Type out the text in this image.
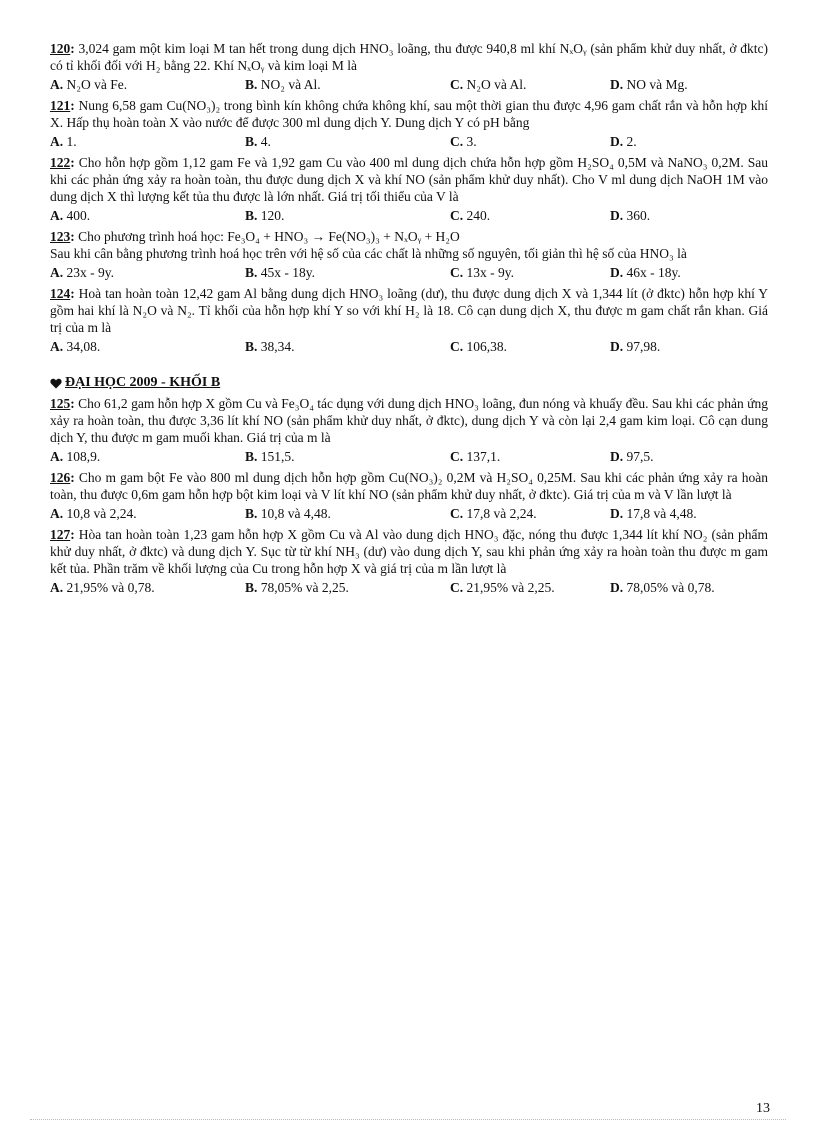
120: 3,024 gam một kim loại M tan hết trong dung dịch HNO₃ loãng, thu được 940,8 ml khí NₓOᵧ (sản phẩm khử duy nhất, ở đktc) có tỉ khối đối với H₂ bằng 22. Khí NₓOᵧ và kim loại M là

A. N₂O và Fe.	B. NO₂ và Al.	C. N₂O và Al.	D. NO và Mg.

121: Nung 6,58 gam Cu(NO₃)₂ trong bình kín không chứa không khí, sau một thời gian thu được 4,96 gam chất rắn và hỗn hợp khí X. Hấp thụ hoàn toàn X vào nước để được 300 ml dung dịch Y. Dung dịch Y có pH bằng

A. 1.	B. 4.	C. 3.	D. 2.

122: Cho hỗn hợp gồm 1,12 gam Fe và 1,92 gam Cu vào 400 ml dung dịch chứa hỗn hợp gồm H₂SO₄ 0,5M và NaNO₃ 0,2M. Sau khi các phản ứng xảy ra hoàn toàn, thu được dung dịch X và khí NO (sản phẩm khử duy nhất). Cho V ml dung dịch NaOH 1M vào dung dịch X thì lượng kết tủa thu được là lớn nhất. Giá trị tối thiểu của V là

A. 400.	B. 120.	C. 240.	D. 360.

123: Cho phương trình hoá học: Fe₃O₄ + HNO₃ → Fe(NO₃)₃ + NₓOᵧ + H₂O

Sau khi cân bằng phương trình hoá học trên với hệ số của các chất là những số nguyên, tối giản thì hệ số của HNO₃ là

A. 23x - 9y.	B. 45x - 18y.	C. 13x - 9y.	D. 46x - 18y.

124: Hoà tan hoàn toàn 12,42 gam Al bằng dung dịch HNO₃ loãng (dư), thu được dung dịch X và 1,344 lít (ở đktc) hỗn hợp khí Y gồm hai khí là N₂O và N₂. Tỉ khối của hỗn hợp khí Y so với khí H₂ là 18. Cô cạn dung dịch X, thu được m gam chất rắn khan. Giá trị của m là

A. 34,08.	B. 38,34.	C. 106,38.	D. 97,98.
ĐẠI HỌC 2009 - KHỐI B

125: Cho 61,2 gam hỗn hợp X gồm Cu và Fe₃O₄ tác dụng với dung dịch HNO₃ loãng, đun nóng và khuấy đều. Sau khi các phản ứng xảy ra hoàn toàn, thu được 3,36 lít khí NO (sản phẩm khử duy nhất, ở đktc), dung dịch Y và còn lại 2,4 gam kim loại. Cô cạn dung dịch Y, thu được m gam muối khan. Giá trị của m là

A. 108,9.	B. 151,5.	C. 137,1.	D. 97,5.

126: Cho m gam bột Fe vào 800 ml dung dịch hỗn hợp gồm Cu(NO₃)₂ 0,2M và H₂SO₄ 0,25M. Sau khi các phản ứng xảy ra hoàn toàn, thu được 0,6m gam hỗn hợp bột kim loại và V lít khí NO (sản phẩm khử duy nhất, ở đktc). Giá trị của m và V lần lượt là

A. 10,8 và 2,24.	B. 10,8 và 4,48.	C. 17,8 và 2,24.	D. 17,8 và 4,48.

127: Hòa tan hoàn toàn 1,23 gam hỗn hợp X gồm Cu và Al vào dung dịch HNO₃ đặc, nóng thu được 1,344 lít khí NO₂ (sản phẩm khử duy nhất, ở đktc) và dung dịch Y. Sục từ từ khí NH₃ (dư) vào dung dịch Y, sau khi phản ứng xảy ra hoàn toàn thu được m gam kết tủa. Phần trăm về khối lượng của Cu trong hỗn hợp X và giá trị của m lần lượt là

A. 21,95% và 0,78.	B. 78,05% và 2,25.	C. 21,95% và 2,25.	D. 78,05% và 0,78.
13
